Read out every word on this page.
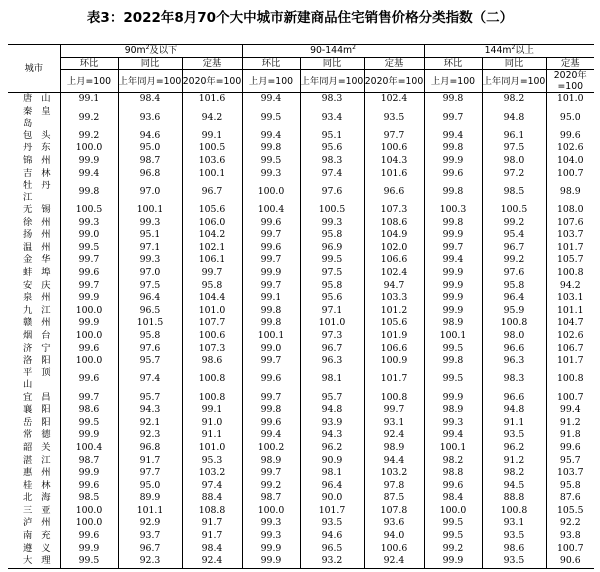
表3：2022年8月70个大中城市新建商品住宅销售价格分类指数（二）
城市	$90m^2$及以下			$90-144m^2$			$144m^2$以上		
	环比	同比	定基	环比	同比	定基	环比	同比	定基
	上月=100	上年同月=100	2020年=100	上月=100	上年同月=100	2020年=100	上月=100	上年同月=100	2020年=100
唐山	99.1	98.4	101.6	99.4	98.3	102.4	99.8	98.2	101.0
秦皇岛	99.2	93.6	94.2	99.5	93.4	93.5	99.7	94.8	95.0
包头	99.2	94.6	99.1	99.4	95.1	97.7	99.4	96.1	99.6
丹东	100.0	95.0	100.5	99.8	95.6	100.6	99.8	97.5	102.6
锦州	99.9	98.7	103.6	99.5	98.3	104.3	99.9	98.0	104.0
吉林	99.4	96.8	100.1	99.3	97.4	101.6	99.6	97.2	100.7
牡丹江	99.8	97.0	96.7	100.0	97.6	96.6	99.8	98.5	98.9
无锡	100.5	100.1	105.6	100.4	100.5	107.3	100.3	100.5	108.0
徐州	99.3	99.3	106.0	99.6	99.3	108.6	99.8	99.2	107.6
扬州	99.0	95.1	104.2	99.7	95.8	104.9	99.9	95.4	103.7
温州	99.5	97.1	102.1	99.6	96.9	102.0	99.7	96.7	101.7
金华	99.7	99.3	106.1	99.7	99.5	106.6	99.4	99.2	105.7
蚌埠	99.6	97.0	99.7	99.9	97.5	102.4	99.9	97.6	100.8
安庆	99.7	97.5	95.8	99.7	95.8	94.7	99.9	95.8	94.2
泉州	99.9	96.4	104.4	99.1	95.6	103.3	99.9	96.4	103.1
九江	100.0	96.5	101.0	99.8	97.1	101.2	99.9	95.9	101.1
赣州	99.9	101.5	107.7	99.8	101.0	105.6	98.9	100.8	104.7
烟台	100.0	95.8	100.6	100.1	97.3	101.9	100.1	98.0	102.6
济宁	99.6	97.6	107.3	99.0	96.7	106.6	99.5	96.6	106.7
洛阳	100.0	95.7	98.6	99.7	96.3	100.9	99.8	96.3	101.7
平顶山	99.6	97.4	100.8	99.6	98.1	101.7	99.5	98.3	100.8
宜昌	99.7	95.7	100.8	99.7	95.7	100.8	99.9	96.6	100.7
襄阳	98.6	94.3	99.1	99.8	94.8	99.7	98.9	94.8	99.4
岳阳	99.5	92.1	91.0	99.6	93.9	93.1	99.3	91.1	91.2
常德	99.9	92.3	91.1	99.4	94.3	92.4	99.4	93.5	91.8
韶关	100.4	96.8	101.0	100.2	96.2	98.9	100.1	96.2	99.6
湛江	98.7	91.7	95.3	98.9	90.9	94.4	98.2	91.2	95.7
惠州	99.9	97.7	103.2	99.7	98.1	103.2	98.8	98.2	103.7
桂林	99.6	95.0	97.4	99.2	96.4	97.8	99.6	94.5	95.8
北海	98.5	89.9	88.4	98.7	90.0	87.5	98.4	88.8	87.6
三亚	100.0	101.1	108.8	100.0	101.7	107.8	100.0	100.8	105.5
泸州	100.0	92.9	91.7	99.3	93.5	93.6	99.5	93.1	92.2
南充	99.6	93.7	91.7	99.3	94.6	94.0	99.5	93.5	93.8
遵义	99.9	96.7	98.4	99.9	96.5	100.6	99.2	98.6	100.7
大理	99.5	92.3	92.4	99.9	93.2	92.4	99.9	93.5	90.6
